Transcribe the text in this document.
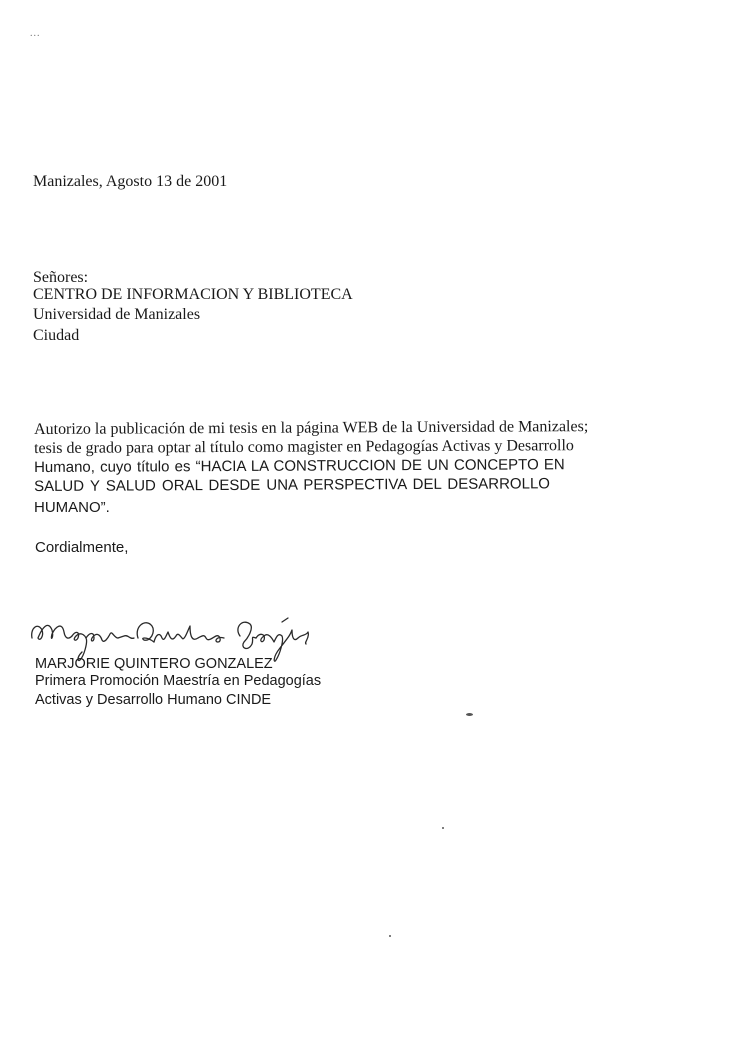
...
Manizales, Agosto 13 de 2001
Señores:
CENTRO DE INFORMACION Y BIBLIOTECA
Universidad de Manizales
Ciudad
Autorizo la publicación de mi tesis en la página WEB de la Universidad de Manizales;
tesis de grado para optar al título como magister en Pedagogías Activas y Desarrollo
Humano, cuyo título es “HACIA LA CONSTRUCCION DE UN CONCEPTO EN
SALUD Y SALUD ORAL DESDE UNA PERSPECTIVA DEL DESARROLLO
HUMANO”.
Cordialmente,
MARJORIE QUINTERO GONZALEZ
Primera Promoción Maestría en Pedagogías
Activas y Desarrollo Humano CINDE
